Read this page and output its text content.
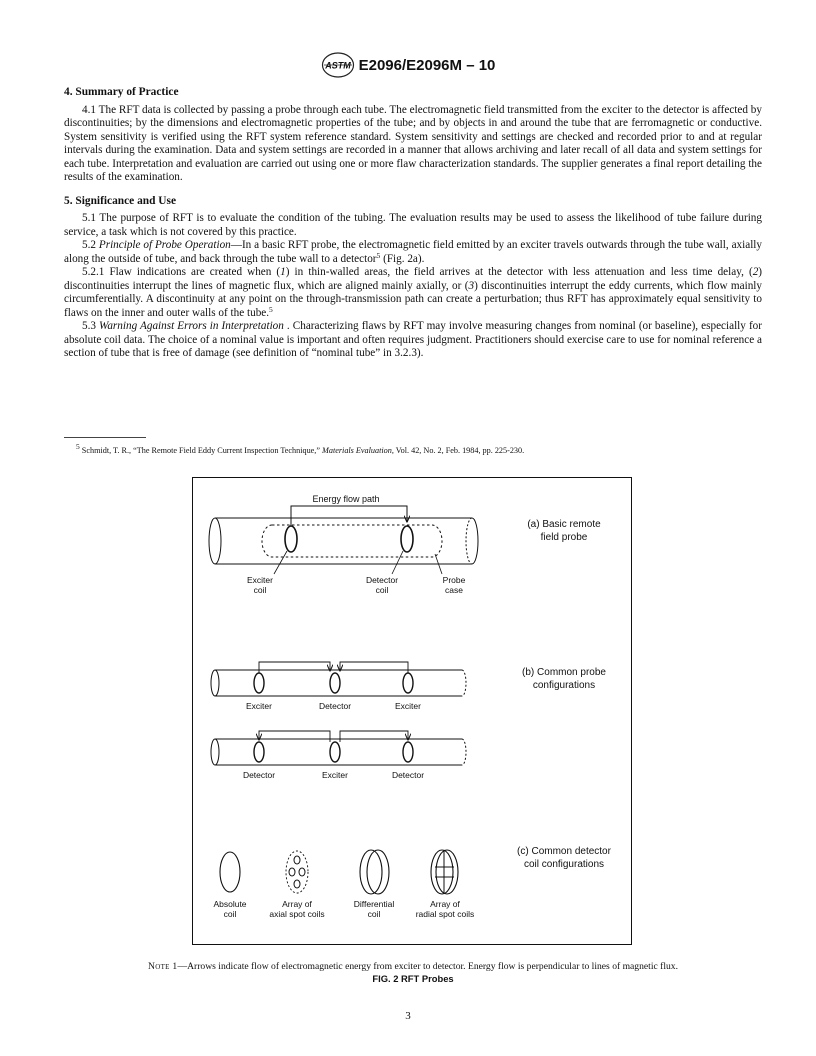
ASTM E2096/E2096M – 10
4. Summary of Practice

4.1 The RFT data is collected by passing a probe through each tube. The electromagnetic field transmitted from the exciter to the detector is affected by discontinuities; by the dimensions and electromagnetic properties of the tube; and by objects in and around the tube that are ferromagnetic or conductive. System sensitivity is verified using the RFT system reference standard. System sensitivity and settings are checked and recorded prior to and at regular intervals during the examination. Data and system settings are recorded in a manner that allows archiving and later recall of all data and system settings for each tube. Interpretation and evaluation are carried out using one or more flaw characterization standards. The supplier generates a final report detailing the results of the examination.

5. Significance and Use

5.1 The purpose of RFT is to evaluate the condition of the tubing. The evaluation results may be used to assess the likelihood of tube failure during service, a task which is not covered by this practice.

5.2 Principle of Probe Operation—In a basic RFT probe, the electromagnetic field emitted by an exciter travels outwards through the tube wall, axially along the outside of tube, and back through the tube wall to a detector$^5$ (Fig. 2a).

5.2.1 Flaw indications are created when (1) in thin-walled areas, the field arrives at the detector with less attenuation and less time delay, (2) discontinuities interrupt the lines of magnetic flux, which are aligned mainly axially, or (3) discontinuities interrupt the eddy currents, which flow mainly circumferentially. A discontinuity at any point on the through-transmission path can create a perturbation; thus RFT has approximately equal sensitivity to flaws on the inner and outer walls of the tube.$^5$

5.3 Warning Against Errors in Interpretation . Characterizing flaws by RFT may involve measuring changes from nominal (or baseline), especially for absolute coil data. The choice of a nominal value is important and often requires judgment. Practitioners should exercise care to use for nominal reference a section of tube that is free of damage (see definition of “nominal tube” in 3.2.3).

$^5$ Schmidt, T. R., “The Remote Field Eddy Current Inspection Technique,” Materials Evaluation, Vol. 42, No. 2, Feb. 1984, pp. 225-230.
Energy flow path
Exciter
coil
Detector
coil
Probe
case
(a) Basic remote
field probe
Exciter	Detector	Exciter
(b) Common probe
configurations
Detector	Exciter	Detector
Absolute
coil
Array of
axial spot coils
Differential
coil
Array of
radial spot coils
(c) Common detector
coil configurations
Note 1—Arrows indicate flow of electromagnetic energy from exciter to detector. Energy flow is perpendicular to lines of magnetic flux.
FIG. 2 RFT Probes
3
